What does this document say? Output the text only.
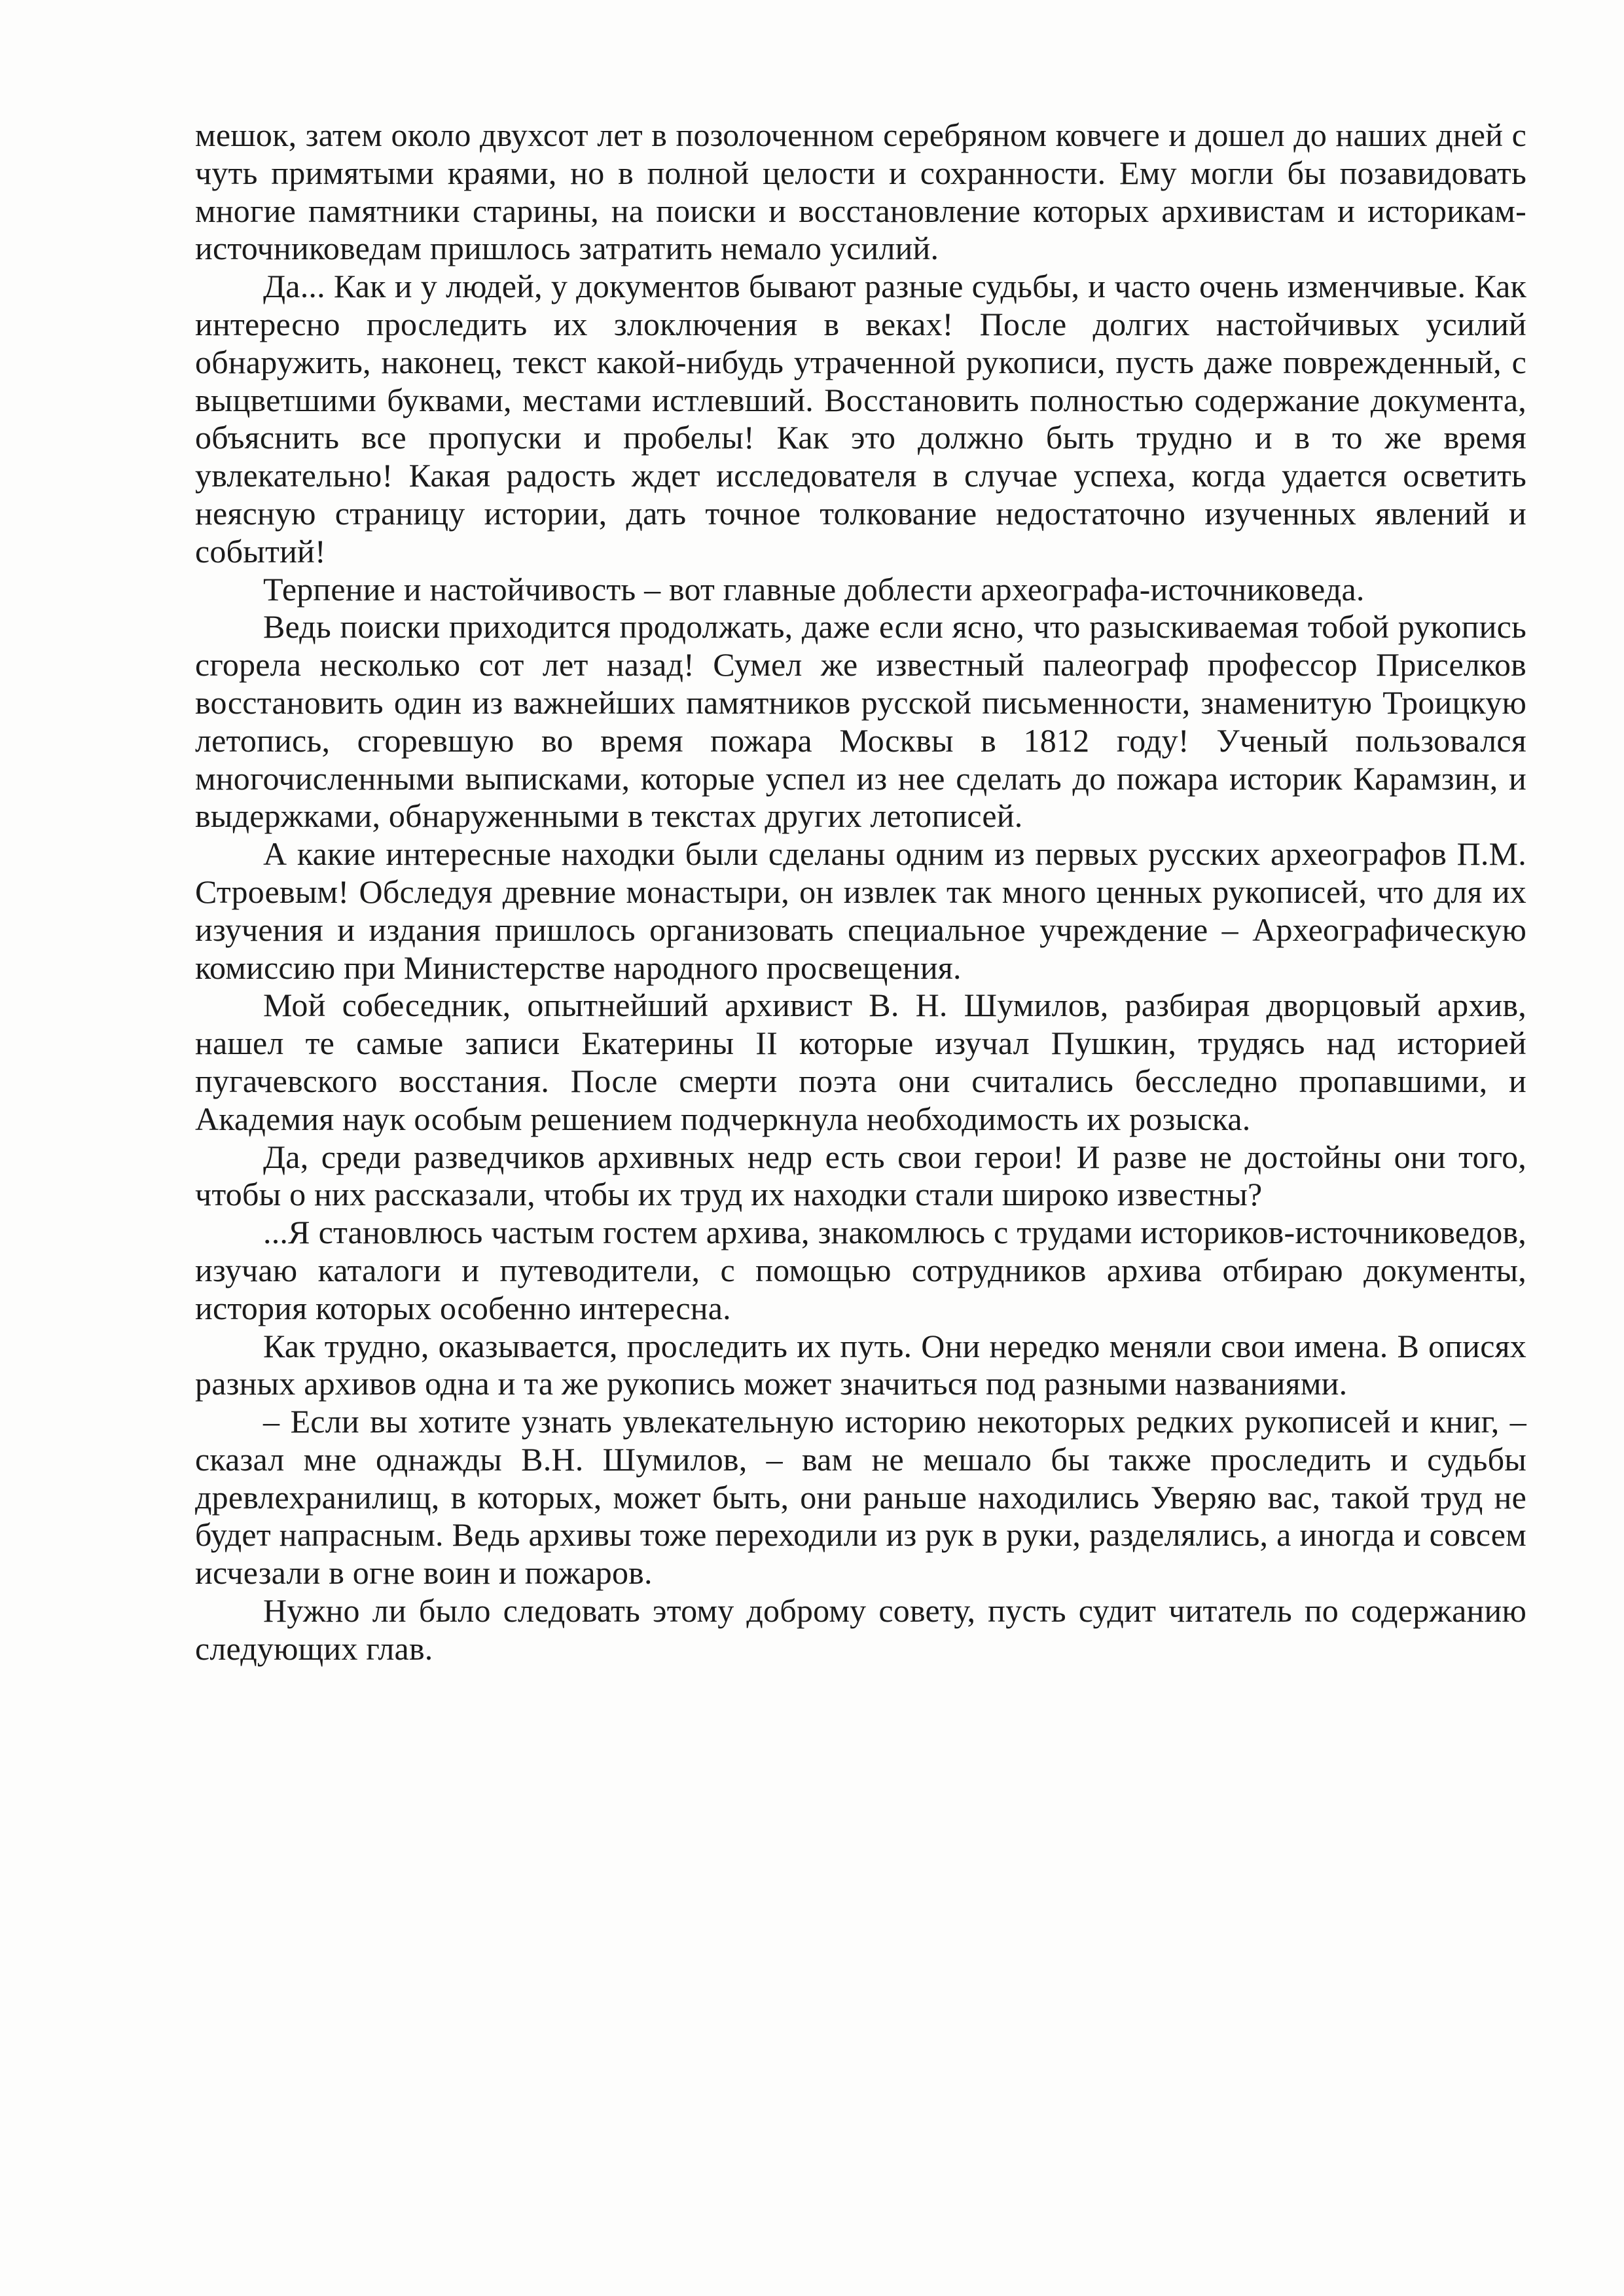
мешок, затем около двухсот лет в позолоченном серебряном ковчеге и дошел до наших дней с чуть примятыми краями, но в полной целости и сохранности. Ему могли бы позавидовать многие памятники старины, на поиски и восстановление которых архивистам и историкам-источниковедам пришлось затратить немало усилий.

Да... Как и у людей, у документов бывают разные судьбы, и часто очень изменчивые. Как интересно проследить их злоключения в веках! После долгих настойчивых усилий обнаружить, наконец, текст какой-нибудь утраченной рукописи, пусть даже поврежденный, с выцветшими буквами, местами истлевший. Восстановить полностью содержание документа, объяснить все пропуски и пробелы! Как это должно быть трудно и в то же время увлекательно! Какая радость ждет исследователя в случае успеха, когда удается осветить неясную страницу истории, дать точное толкование недостаточно изученных явлений и событий!

Терпение и настойчивость – вот главные доблести археографа-источниковеда.

Ведь поиски приходится продолжать, даже если ясно, что разыскиваемая тобой рукопись сгорела несколько сот лет назад! Сумел же известный палеограф профессор Приселков восстановить один из важнейших памятников русской письменности, знаменитую Троицкую летопись, сгоревшую во время пожара Москвы в 1812 году! Ученый пользовался многочисленными выписками, которые успел из нее сделать до пожара историк Карамзин, и выдержками, обнаруженными в текстах других летописей.

А какие интересные находки были сделаны одним из первых русских археографов П.М. Строевым! Обследуя древние монастыри, он извлек так много ценных рукописей, что для их изучения и издания пришлось организовать специальное учреждение – Археографическую комиссию при Министерстве народного просвещения.

Мой собеседник, опытнейший архивист В. Н. Шумилов, разбирая дворцовый архив, нашел те самые записи Екатерины II которые изучал Пушкин, трудясь над историей пугачевского восстания. После смерти поэта они считались бесследно пропавшими, и Академия наук особым решением подчеркнула необходимость их розыска.

Да, среди разведчиков архивных недр есть свои герои! И разве не достойны они того, чтобы о них рассказали, чтобы их труд их находки стали широко известны?

...Я становлюсь частым гостем архива, знакомлюсь с трудами историков-источниковедов, изучаю каталоги и путеводители, с помощью сотрудников архива отбираю документы, история которых особенно интересна.

Как трудно, оказывается, проследить их путь. Они нередко меняли свои имена. В описях разных архивов одна и та же рукопись может значиться под разными названиями.

– Если вы хотите узнать увлекательную историю некоторых редких рукописей и книг, – сказал мне однажды В.Н. Шумилов, – вам не мешало бы также проследить и судьбы древлехранилищ, в которых, может быть, они раньше находились Уверяю вас, такой труд не будет напрасным. Ведь архивы тоже переходили из рук в руки, разделялись, а иногда и совсем исчезали в огне воин и пожаров.

Нужно ли было следовать этому доброму совету, пусть судит читатель по содержанию следующих глав.
